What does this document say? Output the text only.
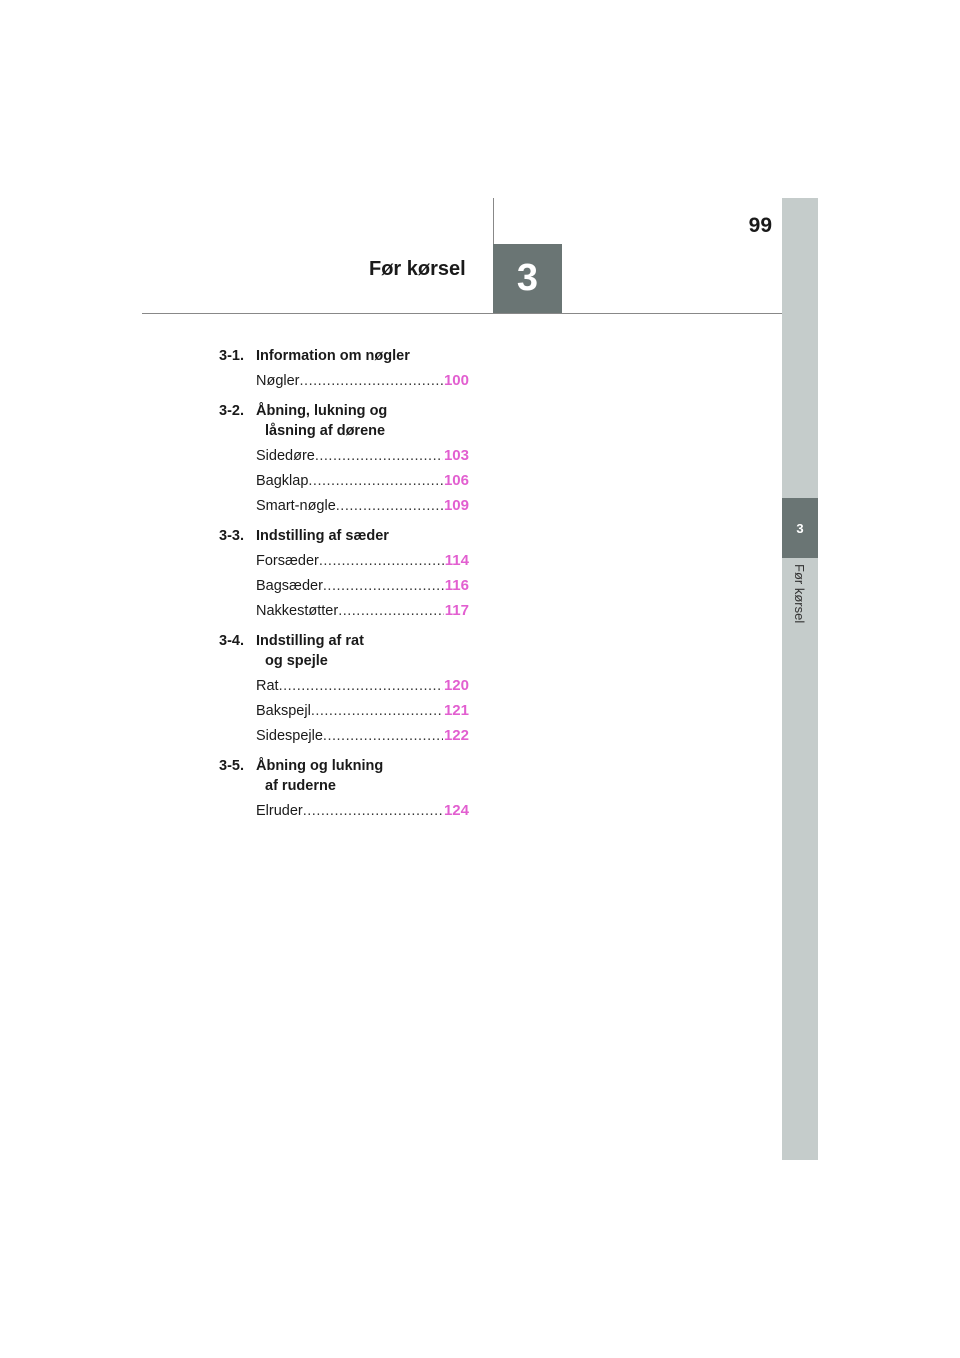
99
3
Før kørsel
3
Før kørsel
3-1. Information om nøgler
Nøgler .....	100
3-2. Åbning, lukning og
låsning af dørene
Sidedøre .....	103
Bagklap .....	106
Smart-nøgle .....	109
3-3. Indstilling af sæder
Forsæder .....	114
Bagsæder .....	116
Nakkestøtter .....	117
3-4. Indstilling af rat
og spejle
Rat .....	120
Bakspejl .....	121
Sidespejle .....	122
3-5. Åbning og lukning
af ruderne
Elruder .....	124
